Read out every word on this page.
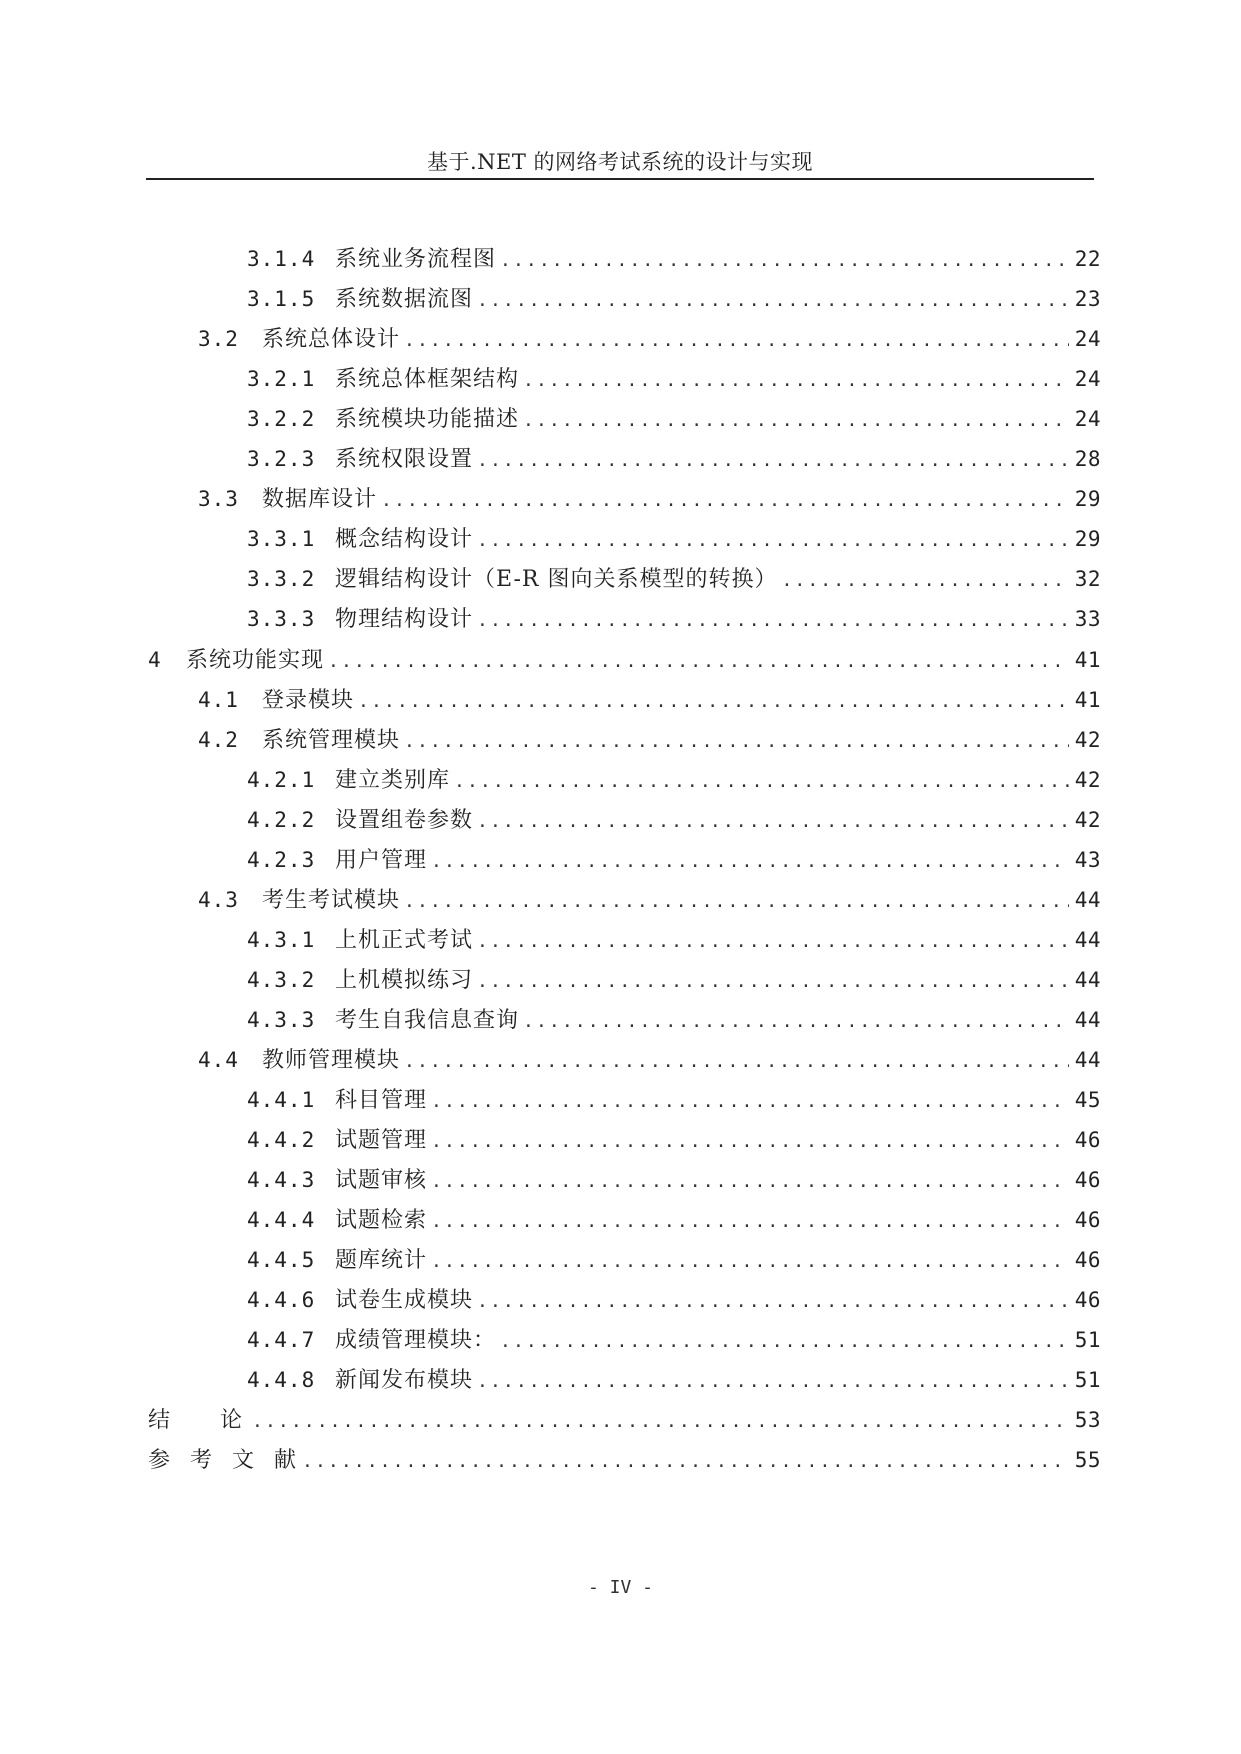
基于.NET 的网络考试系统的设计与实现
3.1.4 系统业务流程图 .....	22
3.1.5 系统数据流图 .....	23
3.2	系统总体设计 .....	24
3.2.1 系统总体框架结构 .....	24
3.2.2 系统模块功能描述 .....	24
3.2.3 系统权限设置 .....	28
3.3	数据库设计 .....	29
3.3.1 概念结构设计 .....	29
3.3.2 逻辑结构设计（E-R 图向关系模型的转换） .....	32
3.3.3 物理结构设计 .....	33
4	系统功能实现 .....	41
4.1	登录模块 .....	41
4.2	系统管理模块 .....	42
4.2.1 建立类别库 .....	42
4.2.2 设置组卷参数 .....	42
4.2.3 用户管理 .....	43
4.3	考生考试模块 .....	44
4.3.1 上机正式考试 .....	44
4.3.2 上机模拟练习 .....	44
4.3.3 考生自我信息查询 .....	44
4.4	教师管理模块 .....	44
4.4.1 科目管理 .....	45
4.4.2 试题管理 .....	46
4.4.3 试题审核 .....	46
4.4.4 试题检索 .....	46
4.4.5 题库统计 .....	46
4.4.6 试卷生成模块 .....	46
4.4.7 成绩管理模块： .....	51
4.4.8 新闻发布模块 .....	51
结论 .....	53
参考文献 .....	55
- IV -
